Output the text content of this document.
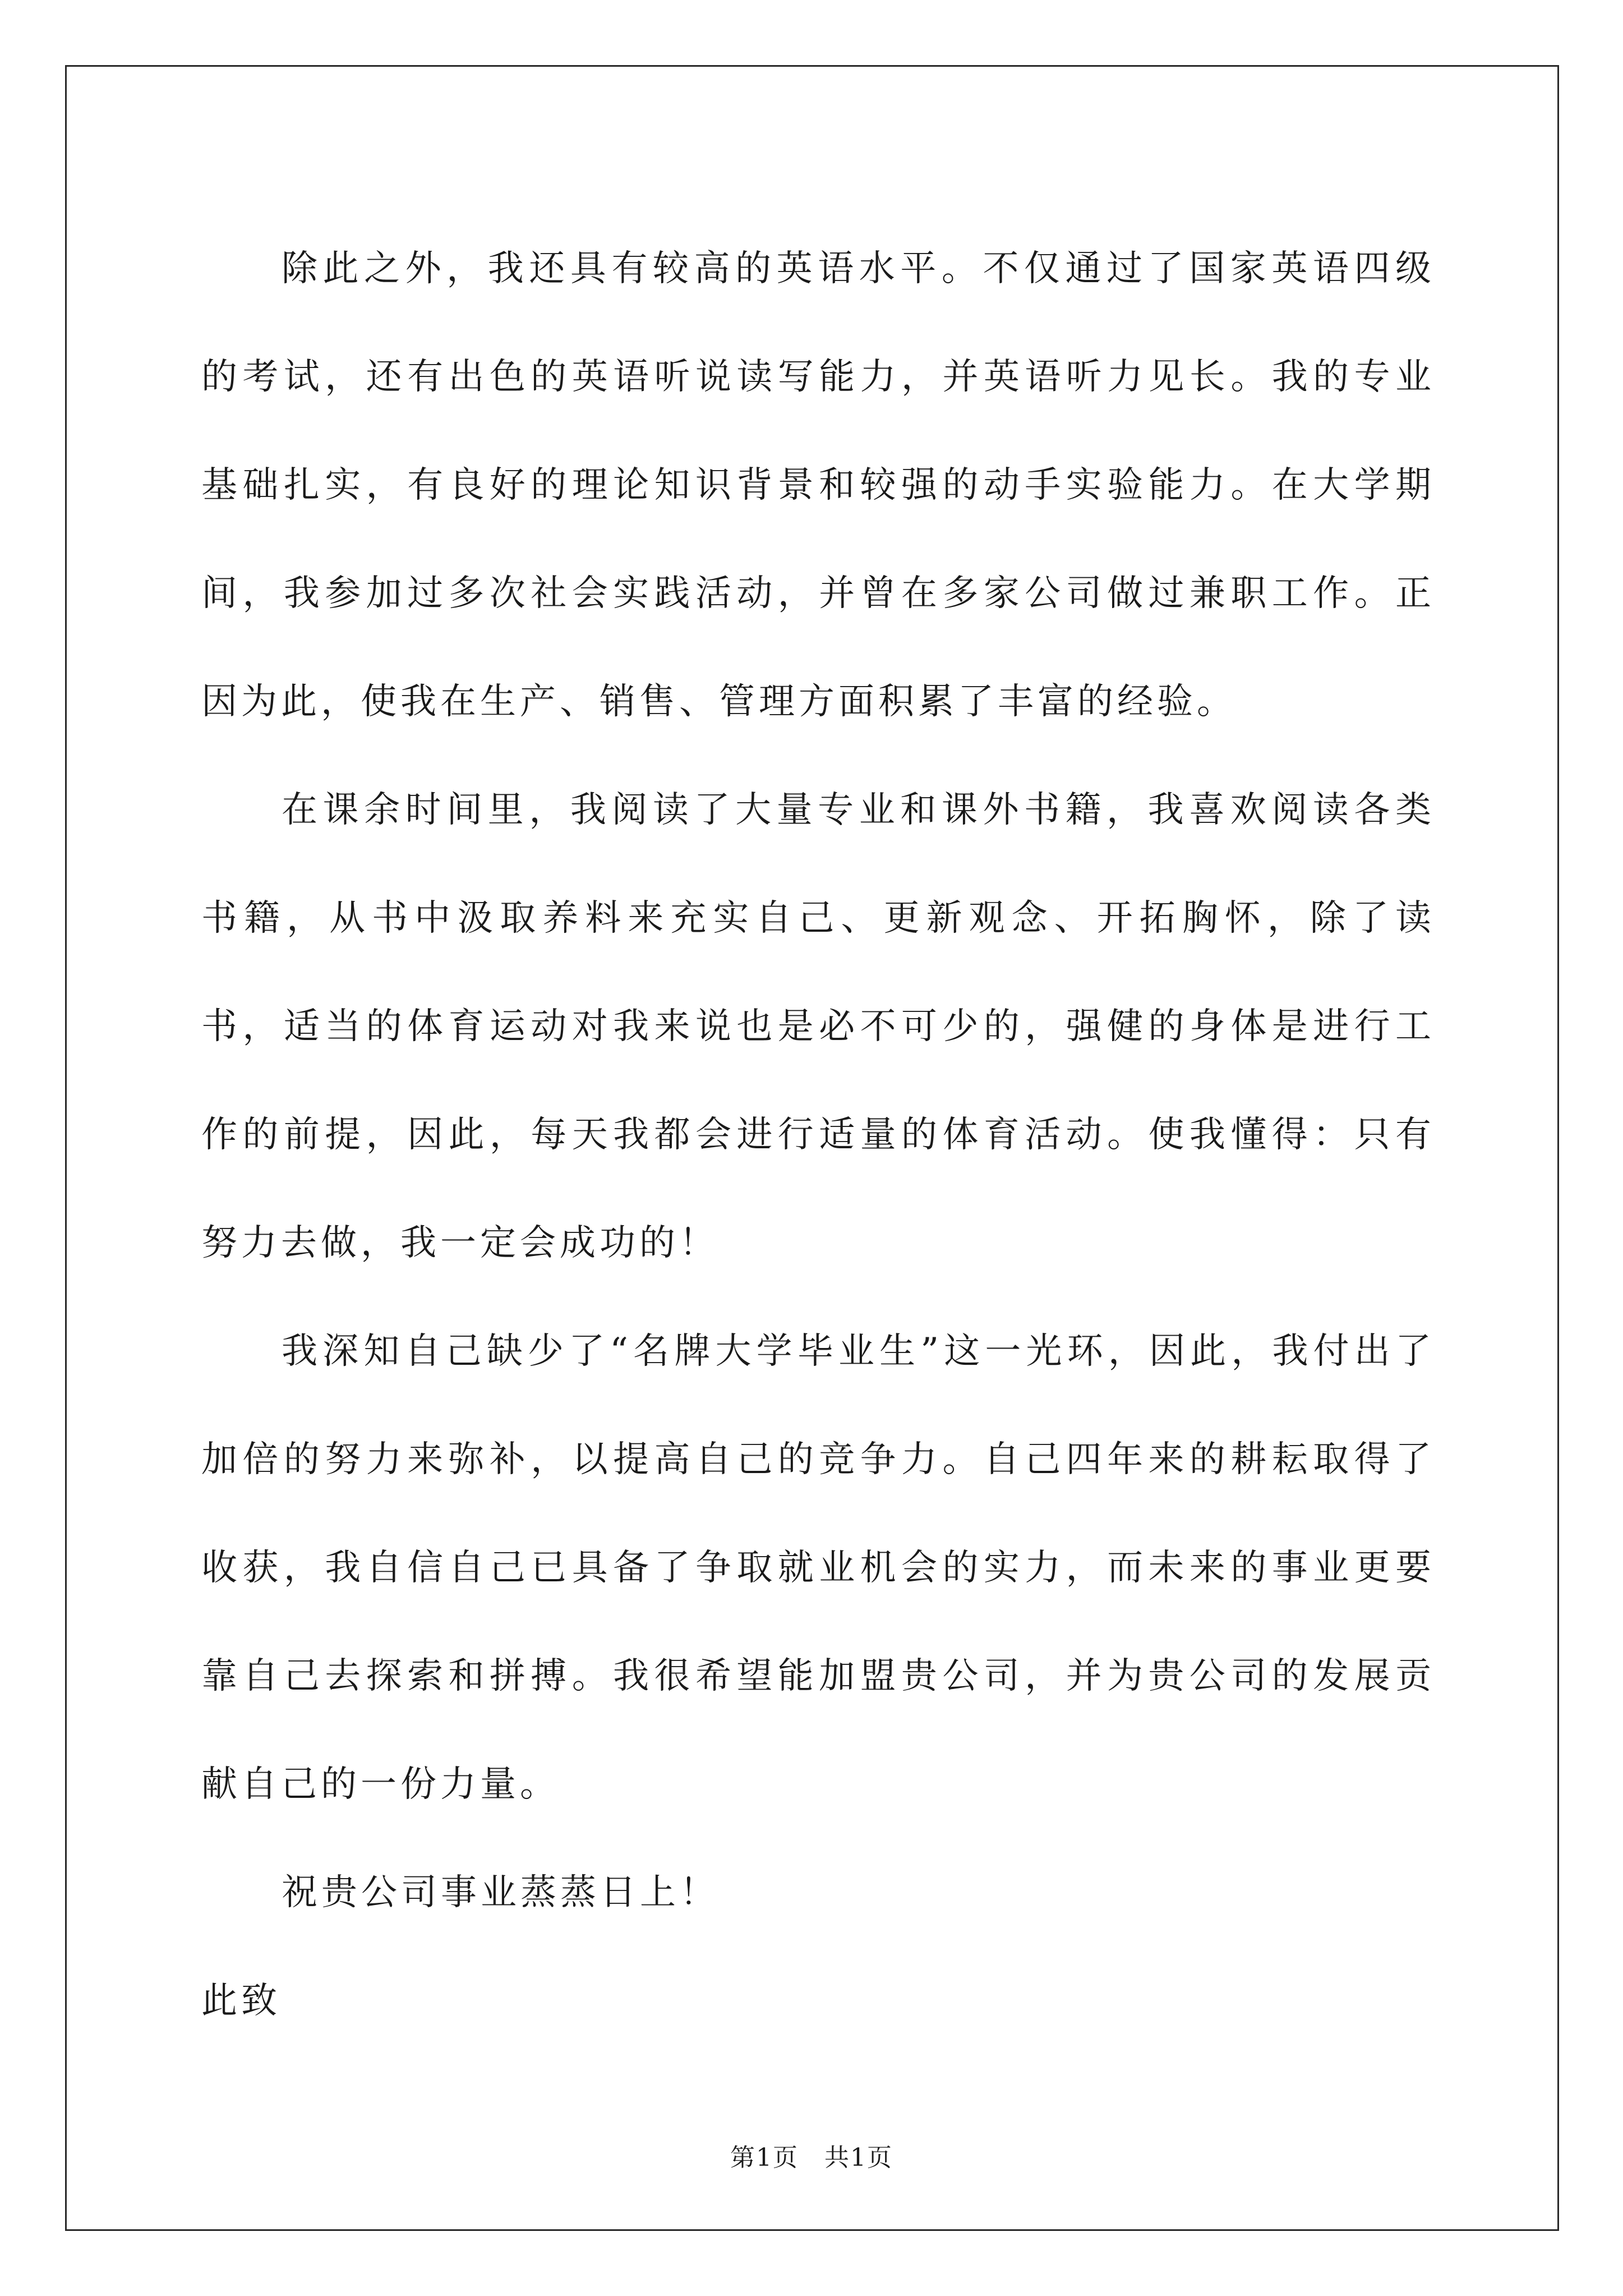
除此之外，我还具有较高的英语水平。不仅通过了国家英语四级的考试，还有出色的英语听说读写能力，并英语听力见长。我的专业基础扎实，有良好的理论知识背景和较强的动手实验能力。在大学期间，我参加过多次社会实践活动，并曾在多家公司做过兼职工作。正因为此，使我在生产、销售、管理方面积累了丰富的经验。

在课余时间里，我阅读了大量专业和课外书籍，我喜欢阅读各类书籍，从书中汲取养料来充实自己、更新观念、开拓胸怀，除了读书，适当的体育运动对我来说也是必不可少的，强健的身体是进行工作的前提，因此，每天我都会进行适量的体育活动。使我懂得：只有努力去做，我一定会成功的！

我深知自己缺少了“名牌大学毕业生”这一光环，因此，我付出了加倍的努力来弥补，以提高自己的竞争力。自己四年来的耕耘取得了收获，我自信自己已具备了争取就业机会的实力，而未来的事业更要靠自己去探索和拼搏。我很希望能加盟贵公司，并为贵公司的发展贡献自己的一份力量。

祝贵公司事业蒸蒸日上！

此致

第1页　共1页
